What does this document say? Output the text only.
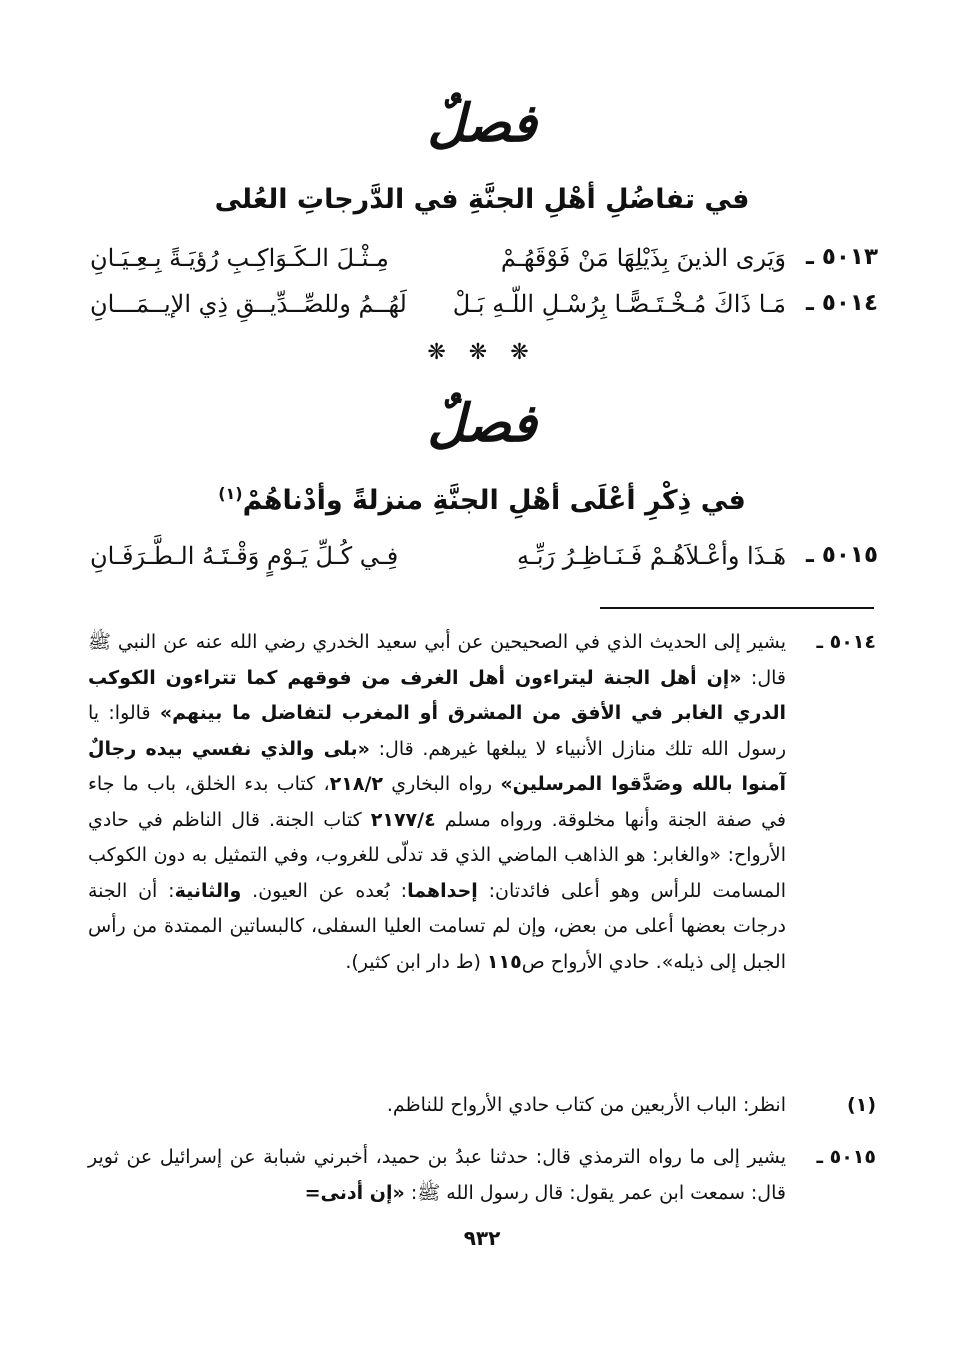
فصلٌ
في تفاضُلِ أهْلِ الجنَّةِ في الدَّرجاتِ العُلى
٥٠١٣ ـ
وَيَرى الذينَ بِذَيْلِهَا مَنْ فَوْقَهُـمْ
مِـثْـلَ الـكَـوَاكِـبِ رُؤيَـةً بِـعِـيَـانِ
٥٠١٤ ـ
مَـا ذَاكَ مُـخْـتَـصًّـا بِرُسْـلِ اللّـهِ بَـلْ
لَهُــمُ وللصِّــدِّيــقِ ذِي الإيــمَـــانِ
❋ ❋ ❋
فصلٌ
في ذِكْرِ أعْلَى أهْلِ الجنَّةِ منزلةً وأدْناهُمْ$^{(١)}$
٥٠١٥ ـ
هَـذَا وأعْـلاَهُـمْ فَـنَـاظِـرُ رَبِّـهِ
فِـي كُـلِّ يَـوْمٍ وَقْـتَـهُ الـطَّـرَفَـانِ
٥٠١٤ ـ
يشير إلى الحديث الذي في الصحيحين عن أبي سعيد الخدري رضي الله عنه عن النبي ﷺ قال: «إن أهل الجنة ليتراءون أهل الغرف من فوقهم كما تتراءون الكوكب الدري الغابر في الأفق من المشرق أو المغرب لتفاضل ما بينهم» قالوا: يا رسول الله تلك منازل الأنبياء لا يبلغها غيرهم. قال: «بلى والذي نفسي بيده رجالٌ آمنوا بالله وصَدَّقوا المرسلين» رواه البخاري ٢١٨/٢، كتاب بدء الخلق، باب ما جاء في صفة الجنة وأنها مخلوقة. ورواه مسلم ٢١٧٧/٤ كتاب الجنة. قال الناظم في حادي الأرواح: «والغابر: هو الذاهب الماضي الذي قد تدلّى للغروب، وفي التمثيل به دون الكوكب المسامت للرأس وهو أعلى فائدتان: إحداهما: بُعده عن العيون. والثانية: أن الجنة درجات بعضها أعلى من بعض، وإن لم تسامت العليا السفلى، كالبساتين الممتدة من رأس الجبل إلى ذيله». حادي الأرواح ص١١٥ (ط دار ابن كثير).
(١)
انظر: الباب الأربعين من كتاب حادي الأرواح للناظم.
٥٠١٥ ـ
يشير إلى ما رواه الترمذي قال: حدثنا عبدُ بن حميد، أخبرني شبابة عن إسرائيل عن ثوير قال: سمعت ابن عمر يقول: قال رسول الله ﷺ: «إن أدنى=
٩٣٢
